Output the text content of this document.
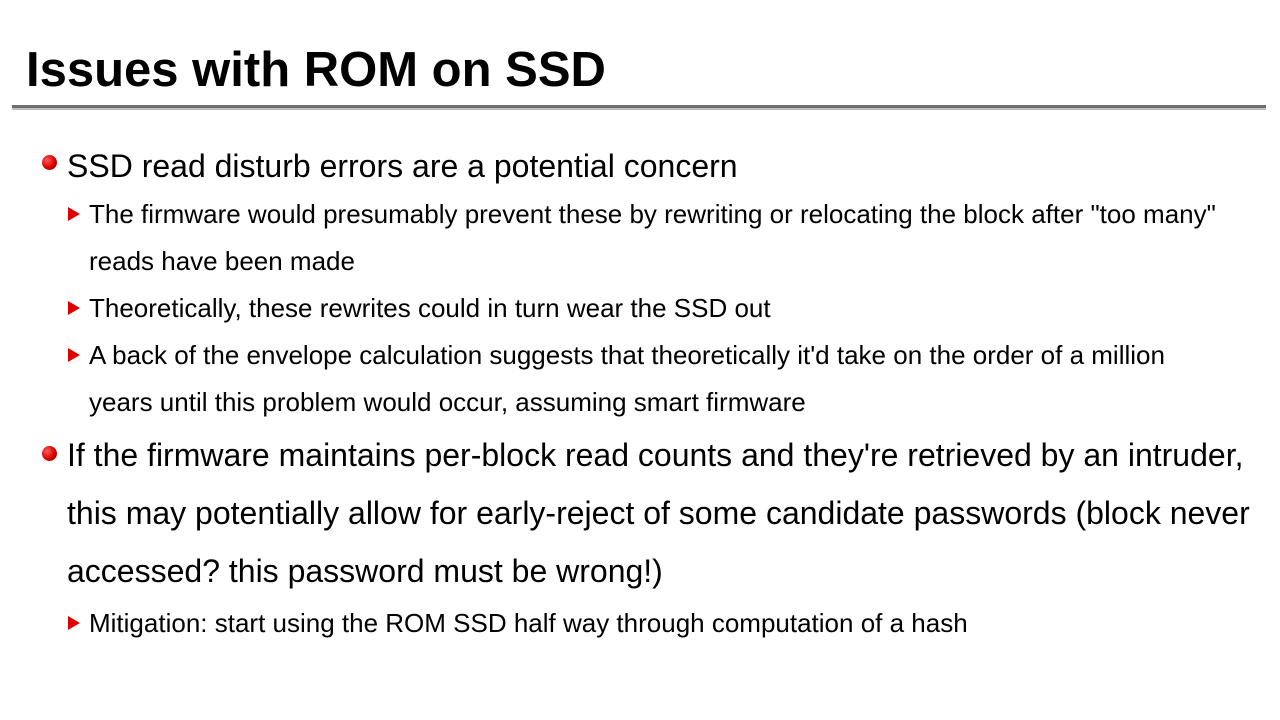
Issues with ROM on SSD
SSD read disturb errors are a potential concern
The firmware would presumably prevent these by rewriting or relocating the block after "too many" reads have been made
Theoretically, these rewrites could in turn wear the SSD out
A back of the envelope calculation suggests that theoretically it'd take on the order of a million years until this problem would occur, assuming smart firmware
If the firmware maintains per-block read counts and they're retrieved by an intruder, this may potentially allow for early-reject of some candidate passwords (block never accessed? this password must be wrong!)
Mitigation: start using the ROM SSD half way through computation of a hash
